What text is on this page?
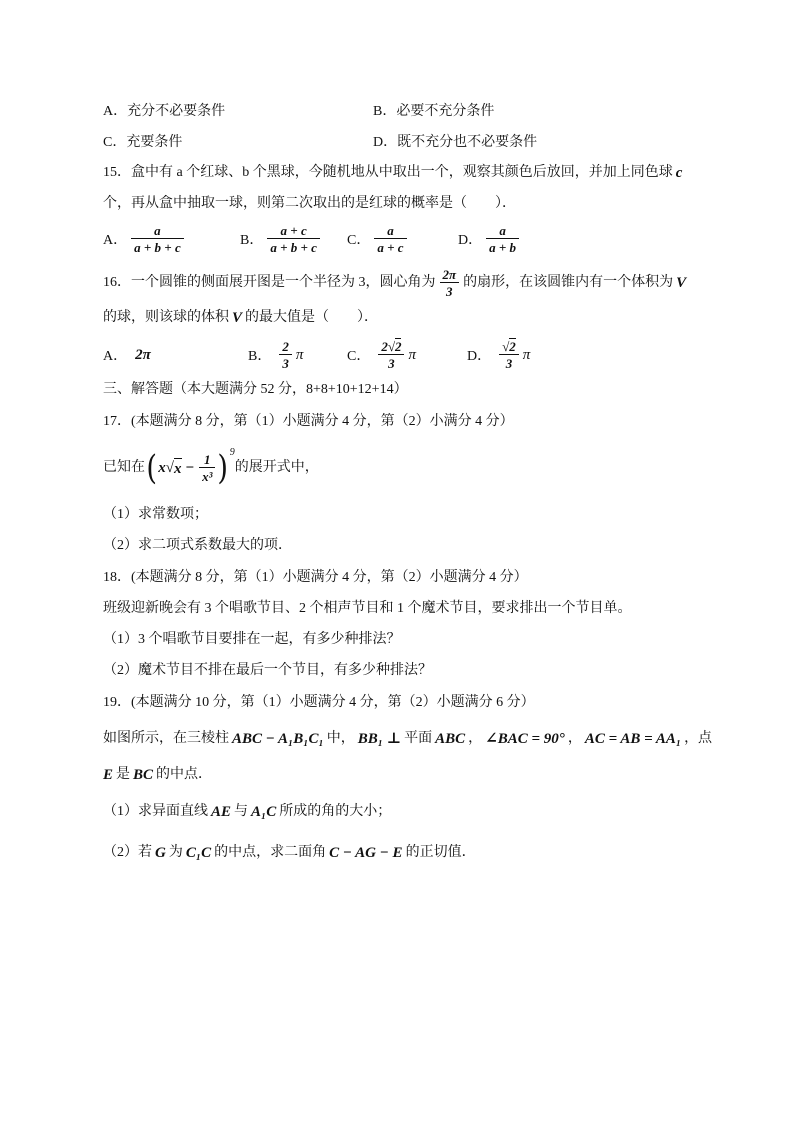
A．充分不必要条件	B．必要不充分条件
C．充要条件	D．既不充分也不必要条件
15．盒中有 a 个红球、b 个黑球，今随机地从中取出一个，观察其颜色后放回，并加上同色球 c
个，再从盒中抽取一球，则第二次取出的是红球的概率是（　　）．
A． $\frac{a}{a + b + c}$	B． $\frac{a + c}{a + b + c}$ C． $\frac{a}{a + c}$	D． $\frac{a}{a + b}$
16．一个圆锥的侧面展开图是一个半径为 3，圆心角为 $\frac{2\pi}{3}$ 的扇形，在该圆锥内有一个体积为 V
的球，则该球的体积 V 的最大值是（　　）．
A． 2π	B． $\frac{2}{3}$ π	C． $\frac{2√2}{3}$ π	D． $\frac{√2}{3}$ π
三、解答题（本大题满分 52 分，8+8+10+12+14）
17．(本题满分 8 分，第（1）小题满分 4 分，第（2）小满分 4 分）
已知在 ( x √ $x - \frac{1}{\text{x³}}$ ) 9
的展开式中，
（1）求常数项；
（2）求二项式系数最大的项．
18．(本题满分 8 分，第（1）小题满分 4 分，第（2）小题满分 4 分）
班级迎新晚会有 3 个唱歌节目、2 个相声节目和 1 个魔术节目，要求排出一个节目单。
（1）3 个唱歌节目要排在一起，有多少种排法？
（2）魔术节目不排在最后一个节目，有多少种排法？
19．(本题满分 10 分，第（1）小题满分 4 分，第（2）小题满分 6 分）
如图所示，在三棱柱 ABC − A₁B₁C₁ 中， BB₁ ⊥ 平面 ABC ， ∠BAC = 90° ， AC = AB = AA₁ ，点
E 是 BC 的中点．
（1）求异面直线 AE 与 A₁C 所成的角的大小；
（2）若 G 为 C₁C 的中点，求二面角 C − AG − E 的正切值．
